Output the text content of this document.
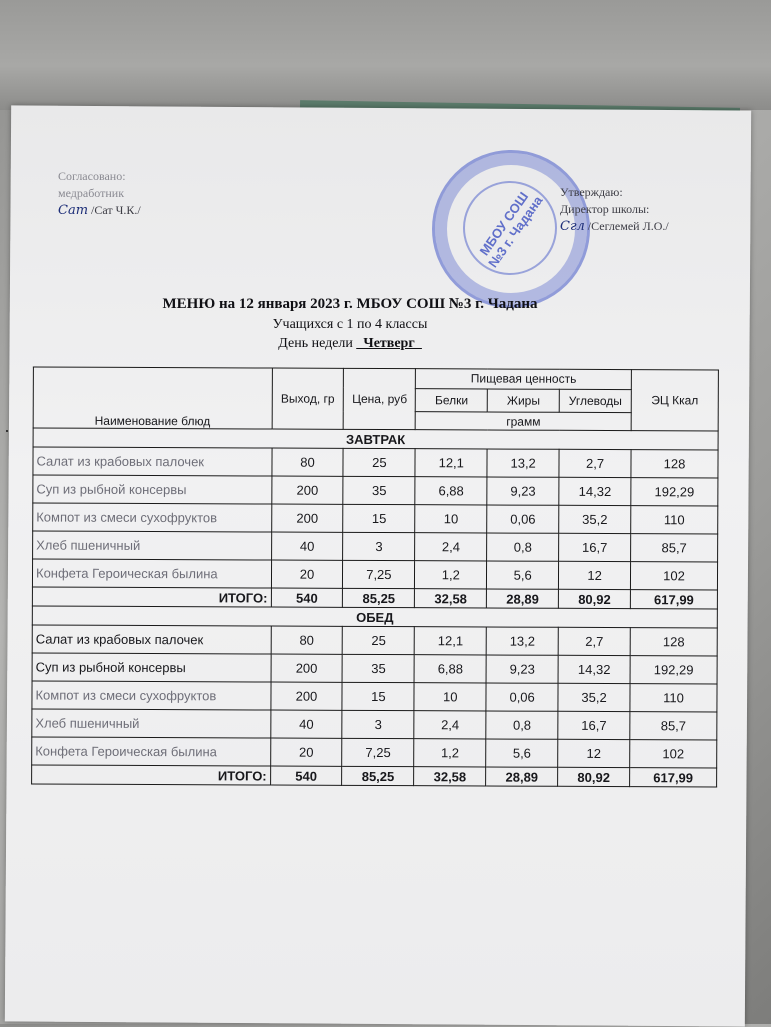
Согласовано:
медработник
Сат /Сат Ч.К./	МБОУ СОШ №3 г. Чадана
Утверждаю:
Директор школы:
Сгл /Сеглемей Л.О./
МЕНЮ на 12 января 2023 г. МБОУ СОШ №3 г. Чадана
Учащихся с 1 по 4 классы
День недели _Четверг_
Наименование блюд	Выход, гр	Цена, руб	Пищевая ценность			ЭЦ Ккал
			Белки	Жиры	Углеводы	
			грамм			
ЗАВТРАК						
Салат из крабовых палочек	80	25	12,1	13,2	2,7	128
Суп из рыбной консервы	200	35	6,88	9,23	14,32	192,29
Компот из смеси сухофруктов	200	15	10	0,06	35,2	110
Хлеб пшеничный	40	3	2,4	0,8	16,7	85,7
Конфета Героическая былина	20	7,25	1,2	5,6	12	102
ИТОГО:	540	85,25	32,58	28,89	80,92	617,99
ОБЕД						
Салат из крабовых палочек	80	25	12,1	13,2	2,7	128
Суп из рыбной консервы	200	35	6,88	9,23	14,32	192,29
Компот из смеси сухофруктов	200	15	10	0,06	35,2	110
Хлеб пшеничный	40	3	2,4	0,8	16,7	85,7
Конфета Героическая былина	20	7,25	1,2	5,6	12	102
ИТОГО:	540	85,25	32,58	28,89	80,92	617,99
